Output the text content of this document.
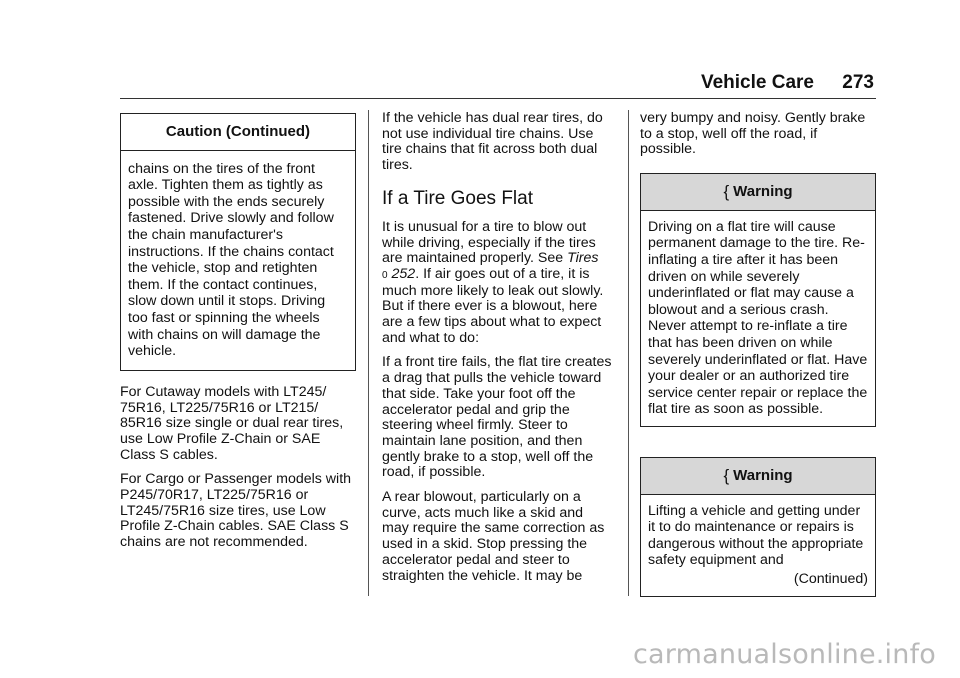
Vehicle Care 273
Caution (Continued)
chains on the tires of the front axle. Tighten them as tightly as possible with the ends securely fastened. Drive slowly and follow the chain manufacturer's instructions. If the chains contact the vehicle, stop and retighten them. If the contact continues, slow down until it stops. Driving too fast or spinning the wheels with chains on will damage the vehicle.

For Cutaway models with LT245/ 75R16, LT225/75R16 or LT215/ 85R16 size single or dual rear tires, use Low Profile Z-Chain or SAE Class S cables.

For Cargo or Passenger models with P245/70R17, LT225/75R16 or LT245/75R16 size tires, use Low Profile Z-Chain cables. SAE Class S chains are not recommended.

If the vehicle has dual rear tires, do not use individual tire chains. Use tire chains that fit across both dual tires.

If a Tire Goes Flat

It is unusual for a tire to blow out while driving, especially if the tires are maintained properly. See Tires
0 252. If air goes out of a tire, it is much more likely to leak out slowly. But if there ever is a blowout, here are a few tips about what to expect and what to do:

If a front tire fails, the flat tire creates a drag that pulls the vehicle toward that side. Take your foot off the accelerator pedal and grip the steering wheel firmly. Steer to maintain lane position, and then gently brake to a stop, well off the road, if possible.

A rear blowout, particularly on a curve, acts much like a skid and may require the same correction as used in a skid. Stop pressing the accelerator pedal and steer to straighten the vehicle. It may be

very bumpy and noisy. Gently brake to a stop, well off the road, if possible.

{ Warning
Driving on a flat tire will cause permanent damage to the tire. Re-inflating a tire after it has been driven on while severely underinflated or flat may cause a blowout and a serious crash. Never attempt to re-inflate a tire that has been driven on while severely underinflated or flat. Have your dealer or an authorized tire service center repair or replace the flat tire as soon as possible.
{ Warning
Lifting a vehicle and getting under it to do maintenance or repairs is dangerous without the appropriate safety equipment and
(Continued)
carmanualsonline.info
